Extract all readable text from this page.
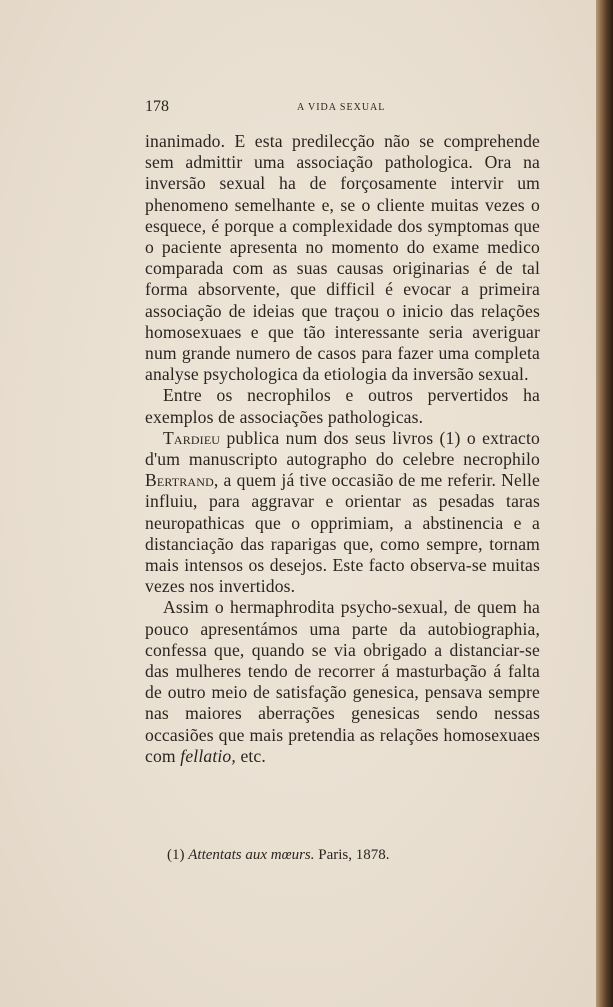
178	A VIDA SEXUAL

inanimado. E esta predilecção não se comprehende sem admittir uma associação pathologica. Ora na inversão sexual ha de forçosamente intervir um phenomeno semelhante e, se o cliente muitas vezes o esquece, é porque a complexidade dos symptomas que o paciente apresenta no momento do exame medico comparada com as suas causas originarias é de tal forma absorvente, que difficil é evocar a primeira associação de ideias que traçou o inicio das relações homosexuaes e que tão interessante seria averiguar num grande numero de casos para fazer uma completa analyse psychologica da etiologia da inversão sexual.

Entre os necrophilos e outros pervertidos ha exemplos de associações pathologicas.

Tardieu publica num dos seus livros (1) o extracto d'um manuscripto autographo do celebre necrophilo Bertrand, a quem já tive occasião de me referir. Nelle influiu, para aggravar e orientar as pesadas taras neuropathicas que o opprimiam, a abstinencia e a distanciação das raparigas que, como sempre, tornam mais intensos os desejos. Este facto observa-se muitas vezes nos invertidos.

Assim o hermaphrodita psycho-sexual, de quem ha pouco apresentámos uma parte da autobiographia, confessa que, quando se via obrigado a distanciar-se das mulheres tendo de recorrer á masturbação á falta de outro meio de satisfação genesica, pensava sempre nas maiores aberrações genesicas sendo nessas occasiões que mais pretendia as relações homosexuaes com fellatio, etc.

(1) Attentats aux mœurs. Paris, 1878.
